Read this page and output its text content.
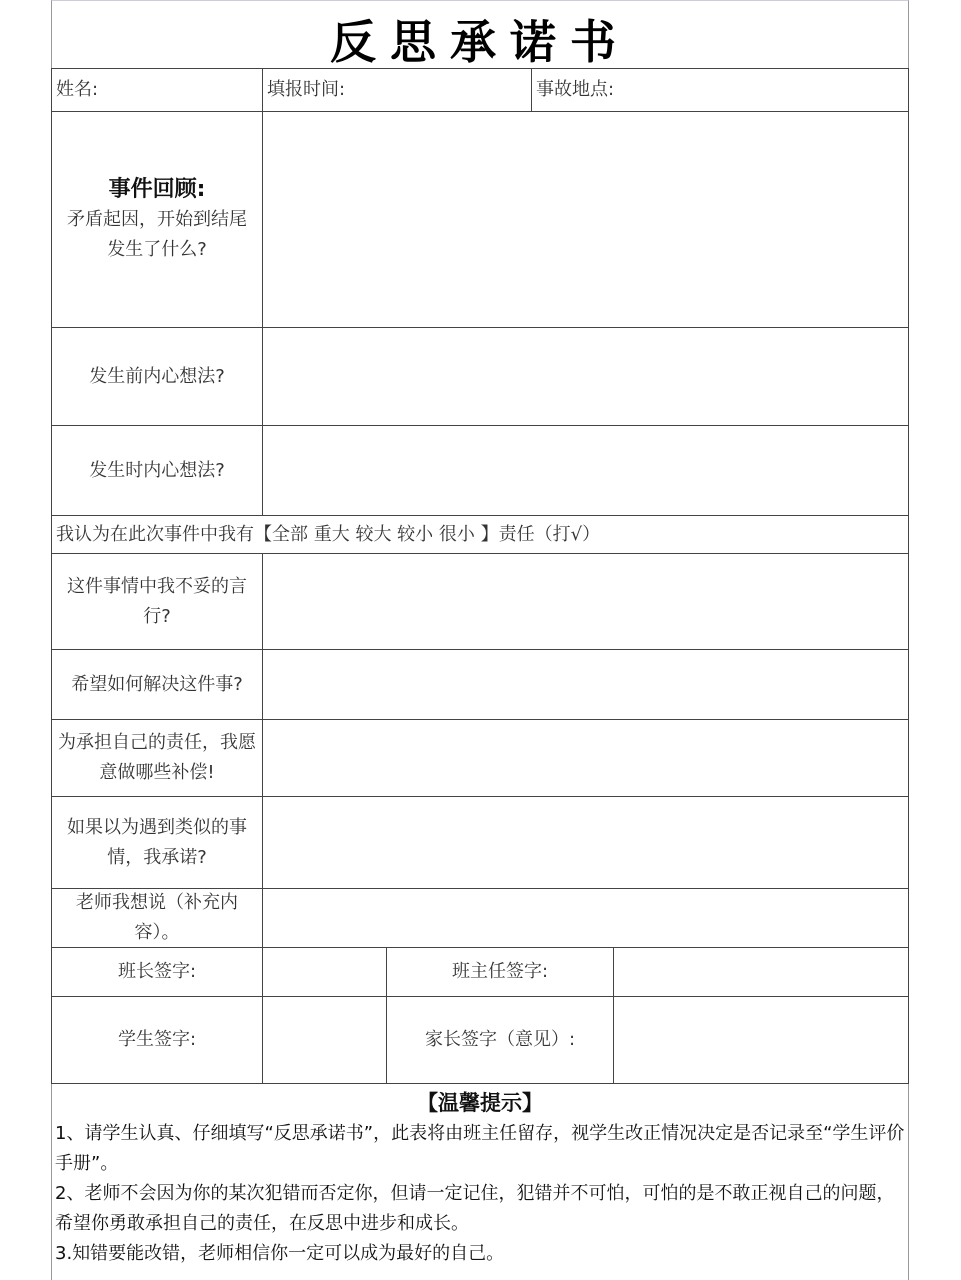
反思承诺书
姓名:	填报时间:	事故地点:
事件回顾:
矛盾起因，开始到结尾
发生了什么?
发生前内心想法?
发生时内心想法?
我认为在此次事件中我有【全部 重大 较大 较小 很小 】责任（打√）
这件事情中我不妥的言行?
希望如何解决这件事?
为承担自己的责任，我愿意做哪些补偿!
如果以为遇到类似的事情，我承诺?
老师我想说（补充内容）。
班长签字:	班主任签字:
学生签字:	家长签字（意见）:
【温馨提示】

1、请学生认真、仔细填写“反思承诺书”，此表将由班主任留存，视学生改正情况决定是否记录至“学生评价手册”。

2、老师不会因为你的某次犯错而否定你，但请一定记住，犯错并不可怕，可怕的是不敢正视自己的问题，希望你勇敢承担自己的责任，在反思中进步和成长。

3.知错要能改错，老师相信你一定可以成为最好的自己。
